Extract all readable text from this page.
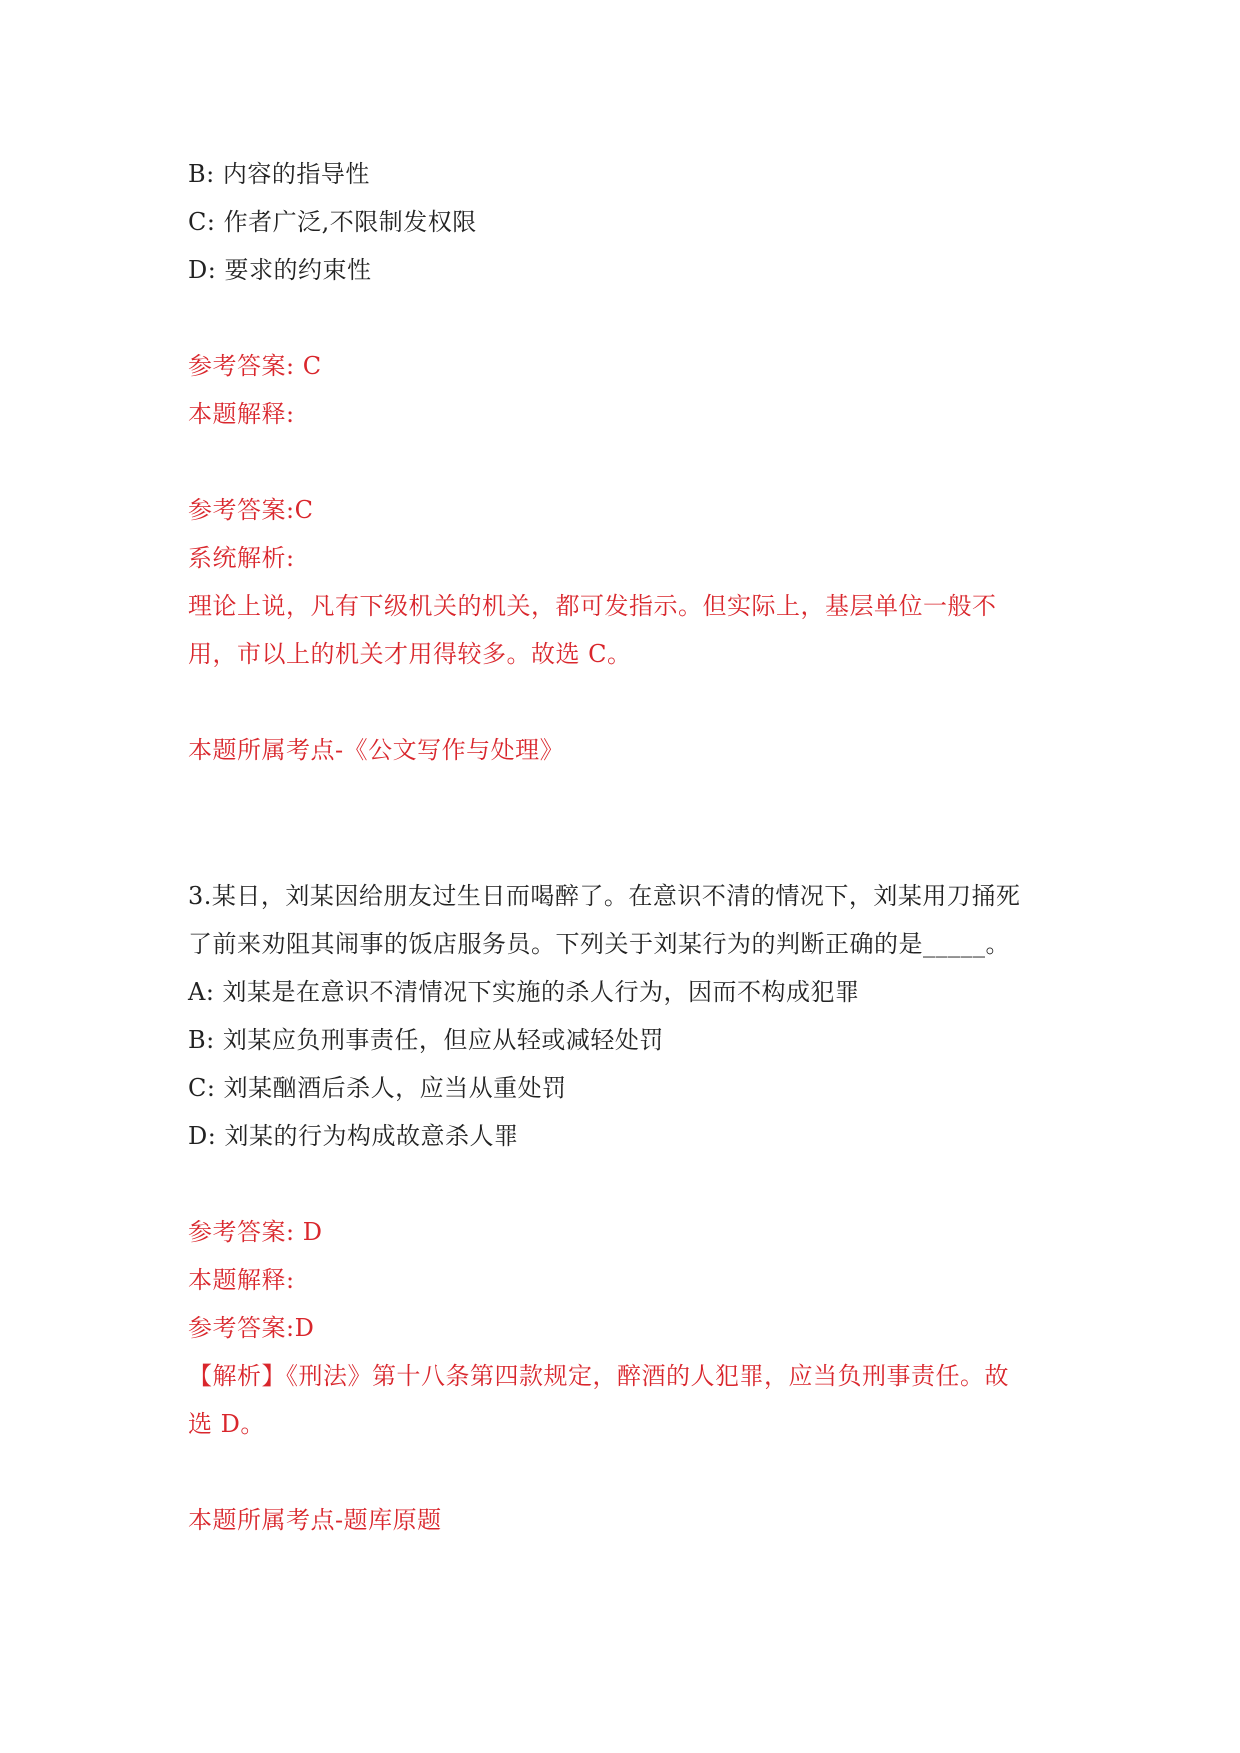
B: 内容的指导性

C: 作者广泛,不限制发权限

D: 要求的约束性

参考答案: C

本题解释:

参考答案:C

系统解析:

理论上说，凡有下级机关的机关，都可发指示。但实际上，基层单位一般不

用，市以上的机关才用得较多。故选 C。

本题所属考点-《公文写作与处理》

3.某日，刘某因给朋友过生日而喝醉了。在意识不清的情况下，刘某用刀捅死

了前来劝阻其闹事的饭店服务员。下列关于刘某行为的判断正确的是_____。

A: 刘某是在意识不清情况下实施的杀人行为，因而不构成犯罪

B: 刘某应负刑事责任，但应从轻或减轻处罚

C: 刘某酗酒后杀人，应当从重处罚

D: 刘某的行为构成故意杀人罪

参考答案: D

本题解释:

参考答案:D

【解析】《刑法》第十八条第四款规定，醉酒的人犯罪，应当负刑事责任。故

选 D。

本题所属考点-题库原题
